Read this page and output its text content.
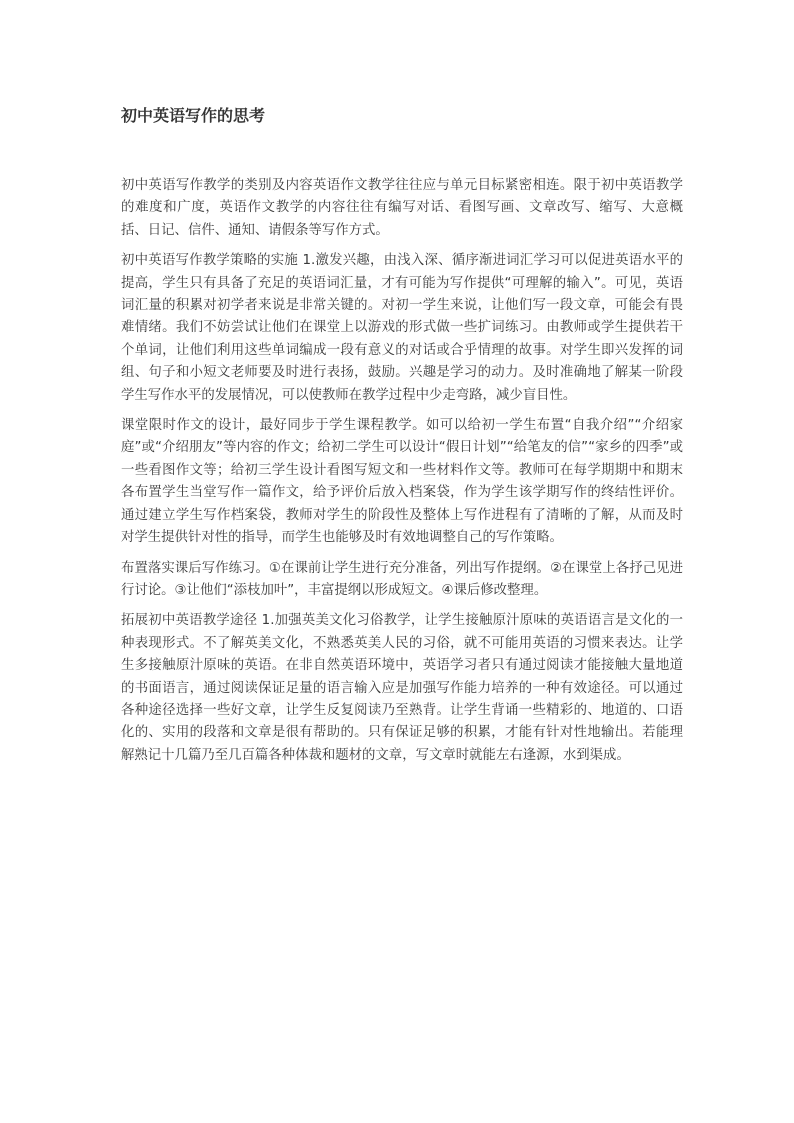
初中英语写作的思考

初中英语写作教学的类别及内容英语作文教学往往应与单元目标紧密相连。限于初中英语教学的难度和广度，英语作文教学的内容往往有编写对话、看图写画、文章改写、缩写、大意概括、日记、信件、通知、请假条等写作方式。

初中英语写作教学策略的实施 1.激发兴趣，由浅入深、循序渐进词汇学习可以促进英语水平的提高，学生只有具备了充足的英语词汇量，才有可能为写作提供“可理解的输入”。可见，英语词汇量的积累对初学者来说是非常关键的。对初一学生来说，让他们写一段文章，可能会有畏难情绪。我们不妨尝试让他们在课堂上以游戏的形式做一些扩词练习。由教师或学生提供若干个单词，让他们利用这些单词编成一段有意义的对话或合乎情理的故事。对学生即兴发挥的词组、句子和小短文老师要及时进行表扬，鼓励。兴趣是学习的动力。及时准确地了解某一阶段学生写作水平的发展情况，可以使教师在教学过程中少走弯路，减少盲目性。

课堂限时作文的设计，最好同步于学生课程教学。如可以给初一学生布置“自我介绍”“介绍家庭”或“介绍朋友”等内容的作文；给初二学生可以设计“假日计划”“给笔友的信”“家乡的四季”或一些看图作文等；给初三学生设计看图写短文和一些材料作文等。教师可在每学期期中和期末各布置学生当堂写作一篇作文，给予评价后放入档案袋，作为学生该学期写作的终结性评价。通过建立学生写作档案袋，教师对学生的阶段性及整体上写作进程有了清晰的了解，从而及时对学生提供针对性的指导，而学生也能够及时有效地调整自己的写作策略。

布置落实课后写作练习。①在课前让学生进行充分准备，列出写作提纲。②在课堂上各抒己见进行讨论。③让他们“添枝加叶”，丰富提纲以形成短文。④课后修改整理。

拓展初中英语教学途径 1.加强英美文化习俗教学，让学生接触原汁原味的英语语言是文化的一种表现形式。不了解英美文化，不熟悉英美人民的习俗，就不可能用英语的习惯来表达。让学生多接触原汁原味的英语。在非自然英语环境中，英语学习者只有通过阅读才能接触大量地道的书面语言，通过阅读保证足量的语言输入应是加强写作能力培养的一种有效途径。可以通过各种途径选择一些好文章，让学生反复阅读乃至熟背。让学生背诵一些精彩的、地道的、口语化的、实用的段落和文章是很有帮助的。只有保证足够的积累，才能有针对性地输出。若能理解熟记十几篇乃至几百篇各种体裁和题材的文章，写文章时就能左右逢源，水到渠成。
